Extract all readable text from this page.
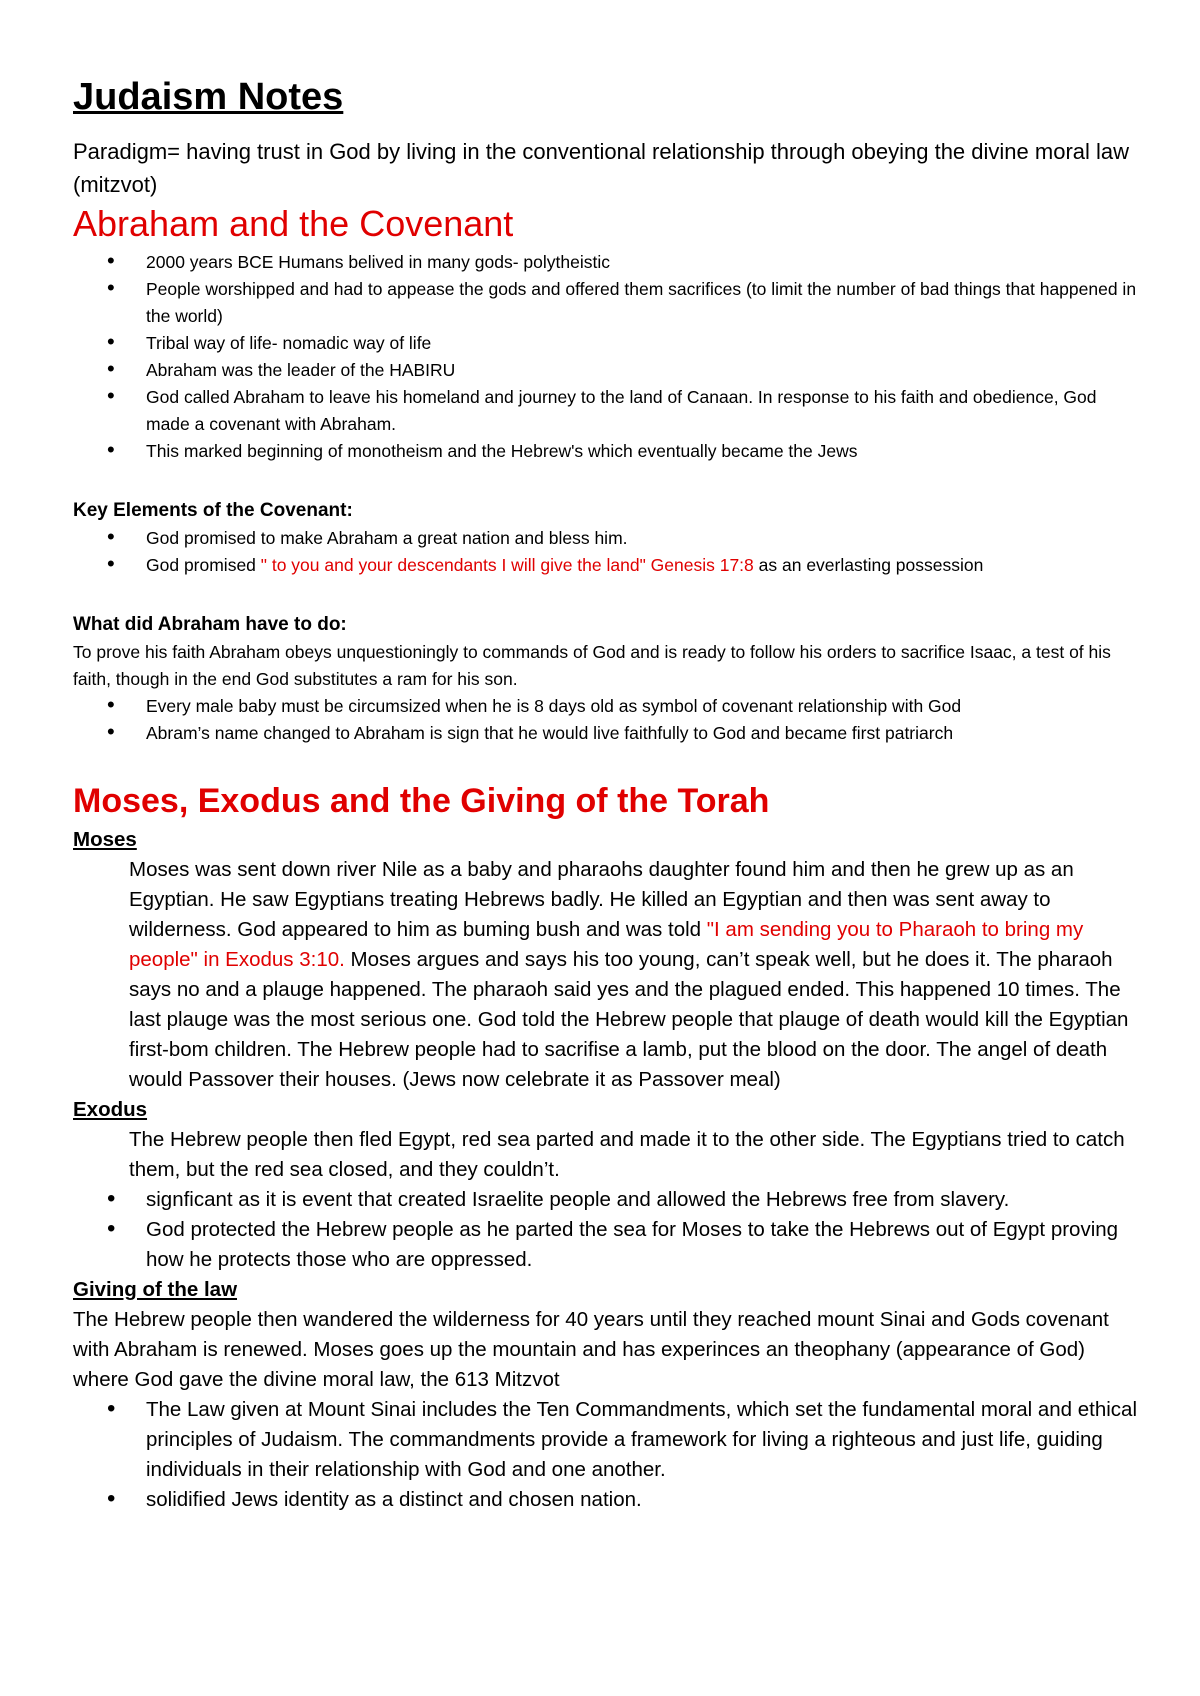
Judaism Notes

Paradigm= having trust in God by living in the conventional relationship through obeying the divine moral law (mitzvot)

Abraham and the Covenant
• 2000 years BCE Humans belived in many gods- polytheistic
• People worshipped and had to appease the gods and offered them sacrifices (to limit the number of bad things that happened in the world)
• Tribal way of life- nomadic way of life
• Abraham was the leader of the HABIRU
• God called Abraham to leave his homeland and journey to the land of Canaan. In response to his faith and obedience, God made a covenant with Abraham.
• This marked beginning of monotheism and the Hebrew's which eventually became the Jews

Key Elements of the Covenant:

• God promised to make Abraham a great nation and bless him.
• God promised " to you and your descendants I will give the land" Genesis 17:8 as an everlasting possession

What did Abraham have to do:

To prove his faith Abraham obeys unquestioningly to commands of God and is ready to follow his orders to sacrifice Isaac, a test of his faith, though in the end God substitutes a ram for his son.

• Every male baby must be circumsized when he is 8 days old as symbol of covenant relationship with God
• Abram’s name changed to Abraham is sign that he would live faithfully to God and became first patriarch
Moses, Exodus and the Giving of the Torah

Moses

Moses was sent down river Nile as a baby and pharaohs daughter found him and then he grew up as an Egyptian. He saw Egyptians treating Hebrews badly. He killed an Egyptian and then was sent away to wilderness. God appeared to him as buming bush and was told "I am sending you to Pharaoh to bring my people" in Exodus 3:10. Moses argues and says his too young, can’t speak well, but he does it. The pharaoh says no and a plauge happened. The pharaoh said yes and the plagued ended. This happened 10 times. The last plauge was the most serious one. God told the Hebrew people that plauge of death would kill the Egyptian first-bom children. The Hebrew people had to sacrifise a lamb, put the blood on the door. The angel of death would Passover their houses. (Jews now celebrate it as Passover meal)

Exodus

The Hebrew people then fled Egypt, red sea parted and made it to the other side. The Egyptians tried to catch them, but the red sea closed, and they couldn’t.

• signficant as it is event that created Israelite people and allowed the Hebrews free from slavery.
• God protected the Hebrew people as he parted the sea for Moses to take the Hebrews out of Egypt proving how he protects those who are oppressed.

Giving of the law

The Hebrew people then wandered the wilderness for 40 years until they reached mount Sinai and Gods covenant with Abraham is renewed. Moses goes up the mountain and has experinces an theophany (appearance of God) where God gave the divine moral law, the 613 Mitzvot

• The Law given at Mount Sinai includes the Ten Commandments, which set the fundamental moral and ethical principles of Judaism. The commandments provide a framework for living a righteous and just life, guiding individuals in their relationship with God and one another.
• solidified Jews identity as a distinct and chosen nation.
